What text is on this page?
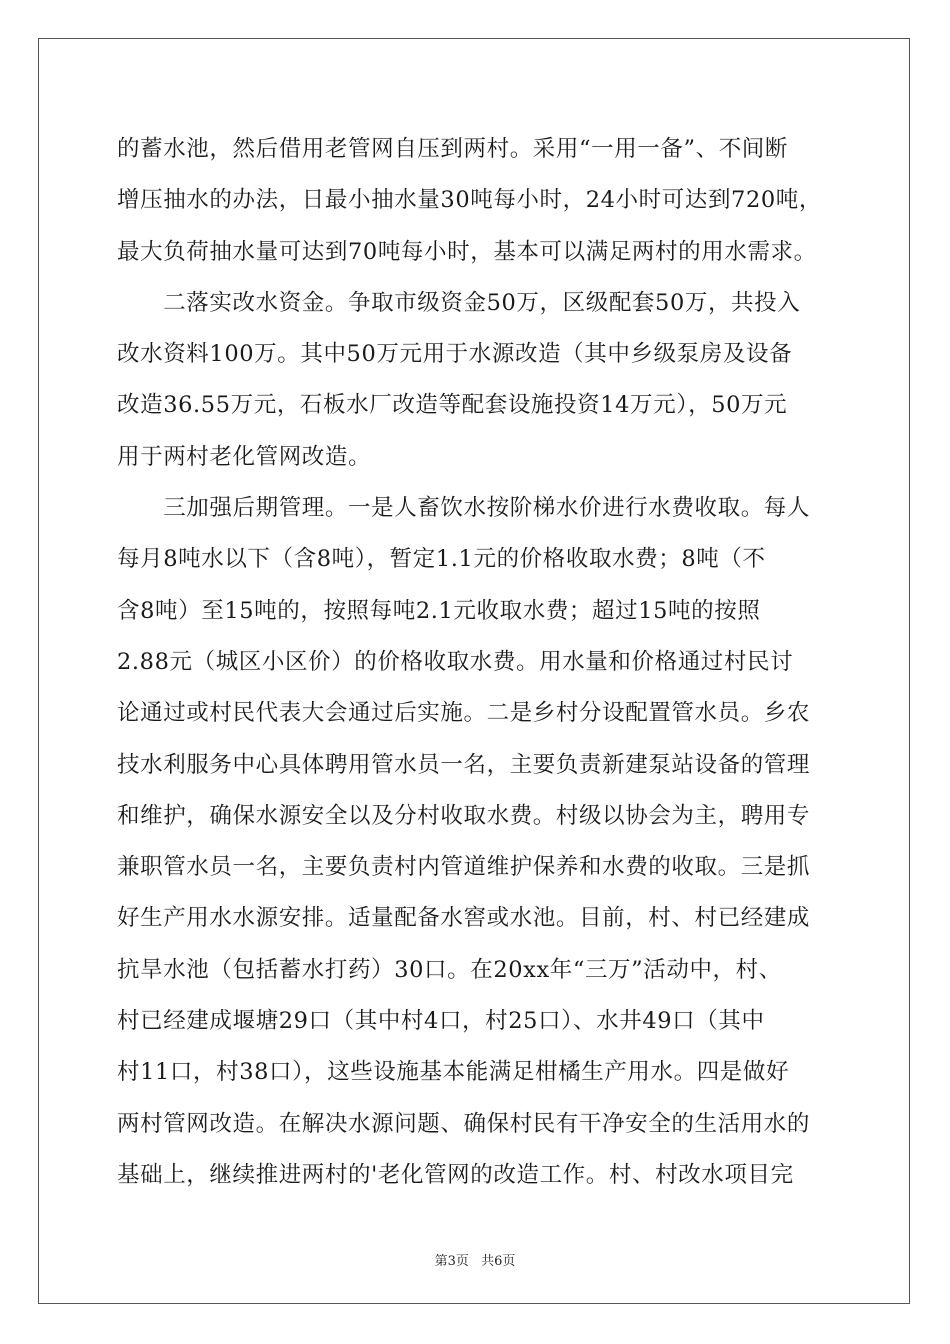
的蓄水池，然后借用老管网自压到两村。采用“一用一备”、不间断
增压抽水的办法，日最小抽水量30吨每小时，24小时可达到720吨，
最大负荷抽水量可达到70吨每小时，基本可以满足两村的用水需求。
　　二落实改水资金。争取市级资金50万，区级配套50万，共投入
改水资料100万。其中50万元用于水源改造（其中乡级泵房及设备
改造36.55万元，石板水厂改造等配套设施投资14万元），50万元
用于两村老化管网改造。
　　三加强后期管理。一是人畜饮水按阶梯水价进行水费收取。每人
每月8吨水以下（含8吨），暂定1.1元的价格收取水费；8吨（不
含8吨）至15吨的，按照每吨2.1元收取水费；超过15吨的按照
2.88元（城区小区价）的价格收取水费。用水量和价格通过村民讨
论通过或村民代表大会通过后实施。二是乡村分设配置管水员。乡农
技水利服务中心具体聘用管水员一名，主要负责新建泵站设备的管理
和维护，确保水源安全以及分村收取水费。村级以协会为主，聘用专
兼职管水员一名，主要负责村内管道维护保养和水费的收取。三是抓
好生产用水水源安排。适量配备水窖或水池。目前，村、村已经建成
抗旱水池（包括蓄水打药）30口。在20xx年“三万”活动中，村、
村已经建成堰塘29口（其中村4口，村25口）、水井49口（其中
村11口，村38口），这些设施基本能满足柑橘生产用水。四是做好
两村管网改造。在解决水源问题、确保村民有干净安全的生活用水的
基础上，继续推进两村的'老化管网的改造工作。村、村改水项目完
第3页 共6页
